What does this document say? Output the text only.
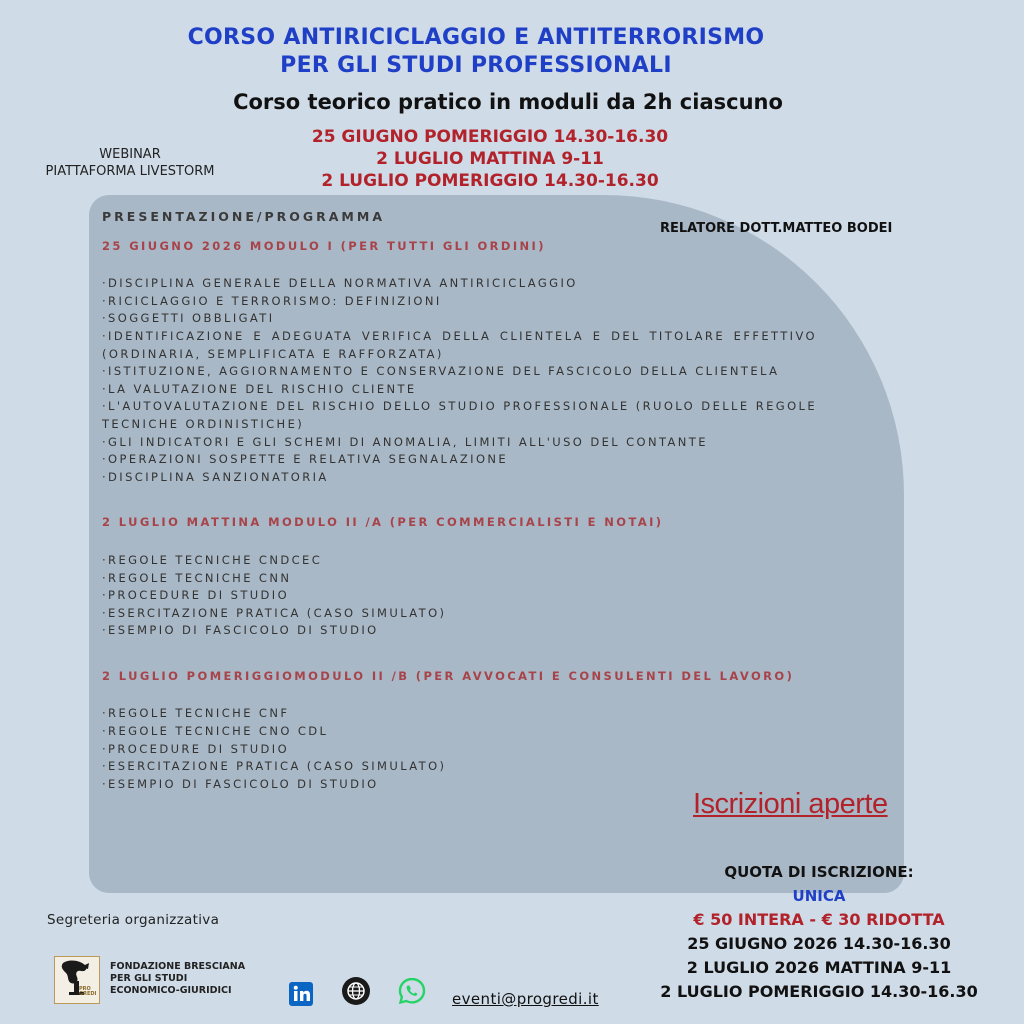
CORSO ANTIRICICLAGGIO E ANTITERRORISMO
PER GLI STUDI PROFESSIONALI
Corso teorico pratico in moduli da 2h ciascuno
25 GIUGNO POMERIGGIO 14.30-16.30
2 LUGLIO MATTINA 9-11
2 LUGLIO POMERIGGIO 14.30-16.30
WEBINAR
PIATTAFORMA LIVESTORM
RELATORE DOTT.MATTEO BODEI
PRESENTAZIONE/PROGRAMMA
25 GIUGNO 2026 MODULO I (PER TUTTI GLI ORDINI)
·DISCIPLINA GENERALE DELLA NORMATIVA ANTIRICICLAGGIO
·RICICLAGGIO E TERRORISMO: DEFINIZIONI
·SOGGETTI OBBLIGATI
·IDENTIFICAZIONE E ADEGUATA VERIFICA DELLA CLIENTELA E DEL TITOLARE EFFETTIVO (ORDINARIA, SEMPLIFICATA E RAFFORZATA)
·ISTITUZIONE, AGGIORNAMENTO E CONSERVAZIONE DEL FASCICOLO DELLA CLIENTELA
·LA VALUTAZIONE DEL RISCHIO CLIENTE
·L'AUTOVALUTAZIONE DEL RISCHIO DELLO STUDIO PROFESSIONALE (RUOLO DELLE REGOLE TECNICHE ORDINISTICHE)
·GLI INDICATORI E GLI SCHEMI DI ANOMALIA, LIMITI ALL'USO DEL CONTANTE
·OPERAZIONI SOSPETTE E RELATIVA SEGNALAZIONE
·DISCIPLINA SANZIONATORIA
2 LUGLIO MATTINA MODULO II /A (PER COMMERCIALISTI E NOTAI)
·REGOLE TECNICHE CNDCEC
·REGOLE TECNICHE CNN
·PROCEDURE DI STUDIO
·ESERCITAZIONE PRATICA (CASO SIMULATO)
·ESEMPIO DI FASCICOLO DI STUDIO
2 LUGLIO POMERIGGIOMODULO II /B (PER AVVOCATI E CONSULENTI DEL LAVORO)
·REGOLE TECNICHE CNF
·REGOLE TECNICHE CNO CDL
·PROCEDURE DI STUDIO
·ESERCITAZIONE PRATICA (CASO SIMULATO)
·ESEMPIO DI FASCICOLO DI STUDIO
Iscrizioni aperte
QUOTA DI ISCRIZIONE:
UNICA
€ 50 INTERA - € 30 RIDOTTA
25 GIUGNO 2026 14.30-16.30
2 LUGLIO 2026 MATTINA 9-11
2 LUGLIO POMERIGGIO 14.30-16.30
Segreteria organizzativa
PRO GREDI
FONDAZIONE BRESCIANA
PER GLI STUDI
ECONOMICO-GIURIDICI	eventi@progredi.it
